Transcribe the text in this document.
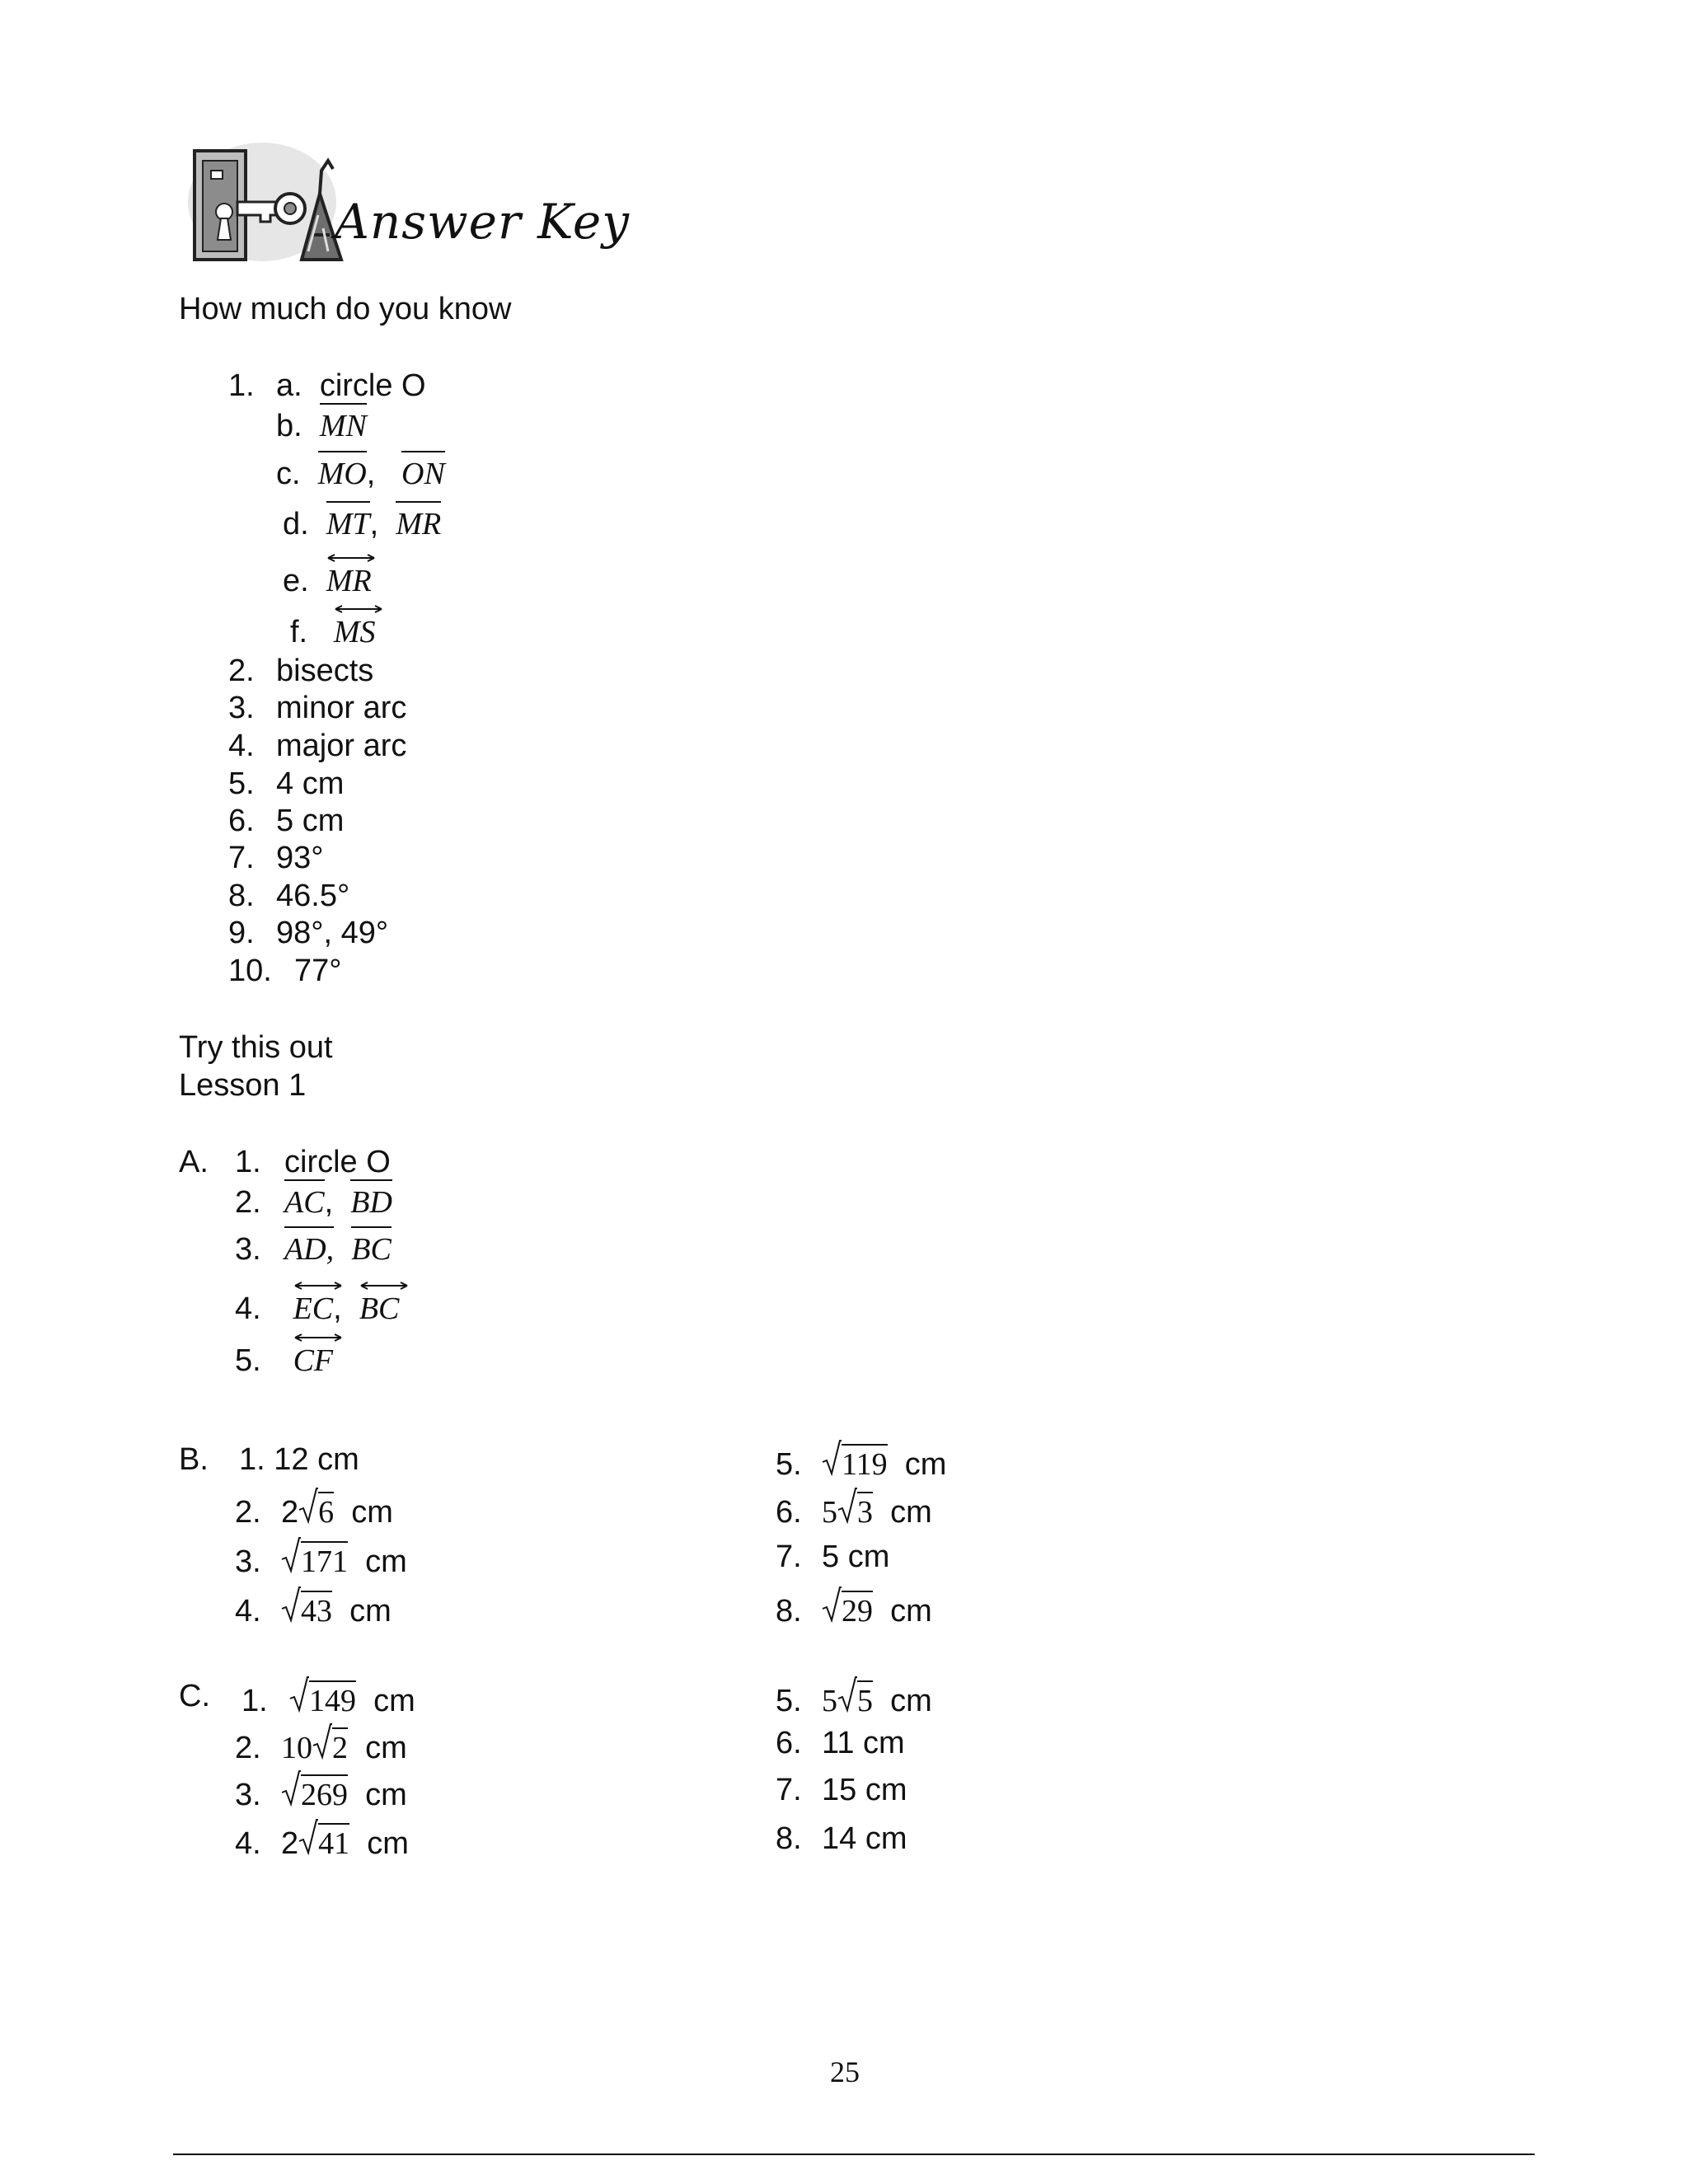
Answer Key
How much do you know
1. a. circle O
b. MN
c. MO, ON
d. MT, MR
e. MR
f. MS
2. bisects
3. minor arc
4. major arc
5. 4 cm
6. 5 cm
7. 93°
8. 46.5°
9. 98°, 49°
10. 77°
Try this out
Lesson 1
A. 1. circle O
2. AC, BD
3. AD, BC
4. EC, BC
5. CF
B. 1. 12 cm
2. 2 6 cm
3. 171 cm
4. 43 cm
5. 119 cm
6. 5 3 cm
7. 5 cm
8. 29 cm
C. 1. 149 cm
2. 10 2 cm
3. 269 cm
4. 2 41 cm
5. 5 5 cm
6. 11 cm
7. 15 cm
8. 14 cm
25
